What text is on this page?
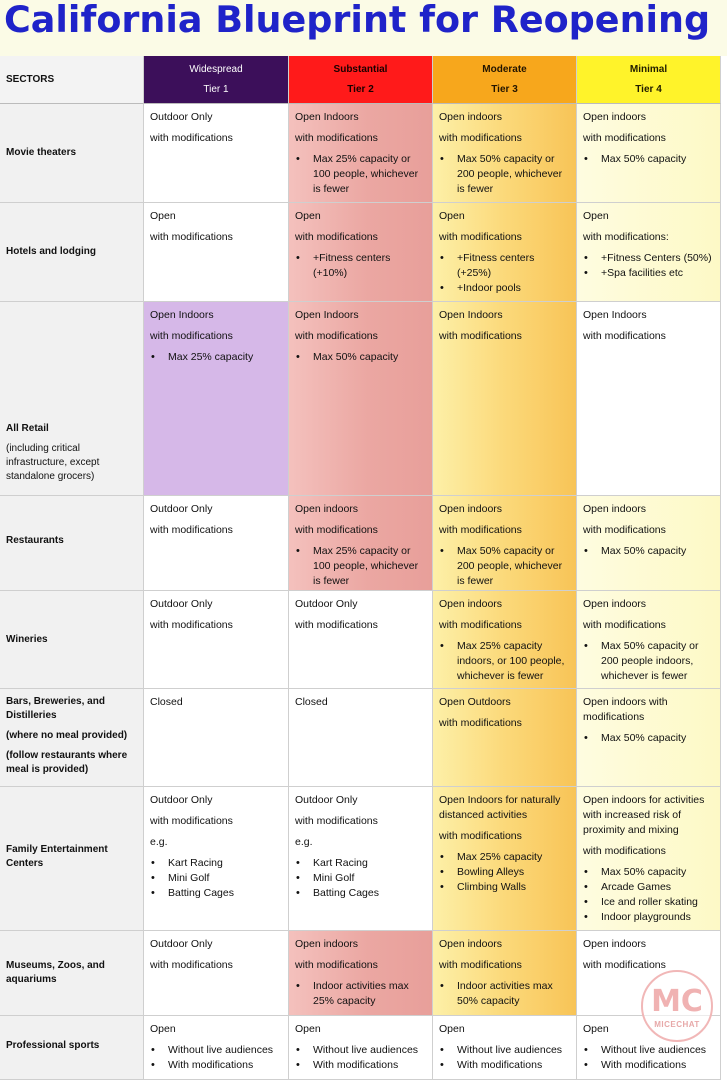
California Blueprint for Reopening
SECTORS
Widespread
Tier 1
Substantial
Tier 2
Moderate
Tier 3
Minimal
Tier 4
Movie theaters

Outdoor Only

with modifications

Open Indoors

with modifications

• Max 25% capacity or 100 people, whichever is fewer

Open indoors

with modifications

• Max 50% capacity or 200 people, whichever is fewer

Open indoors

with modifications

• Max 50% capacity
Hotels and lodging

Open

with modifications

Open

with modifications

• +Fitness centers (+10%)

Open

with modifications

• +Fitness centers (+25%)
• +Indoor pools

Open

with modifications:

• +Fitness Centers (50%)
• +Spa facilities etc
All Retail
(including critical infrastructure, except standalone grocers)

Open Indoors

with modifications

• Max 25% capacity

Open Indoors

with modifications

• Max 50% capacity

Open Indoors

with modifications

Open Indoors

with modifications

Restaurants

Outdoor Only

with modifications

Open indoors

with modifications

• Max 25% capacity or 100 people, whichever is fewer

Open indoors

with modifications

• Max 50% capacity or 200 people, whichever is fewer

Open indoors

with modifications

• Max 50% capacity
Wineries

Outdoor Only

with modifications

Outdoor Only

with modifications

Open indoors

with modifications

• Max 25% capacity indoors, or 100 people, whichever is fewer

Open indoors

with modifications

• Max 50% capacity or 200 people indoors, whichever is fewer
Bars, Breweries, and Distilleries
(where no meal provided)
(follow restaurants where meal is provided)

Closed	Closed	Open Outdoors

with modifications

Open indoors with modifications

• Max 50% capacity
Family Entertainment Centers

Outdoor Only

with modifications

e.g.

• Kart Racing
• Mini Golf
• Batting Cages

Outdoor Only

with modifications

e.g.

• Kart Racing
• Mini Golf
• Batting Cages

Open Indoors for naturally distanced activities

with modifications

• Max 25% capacity
• Bowling Alleys
• Climbing Walls

Open indoors for activities with increased risk of proximity and mixing

with modifications

• Max 50% capacity
• Arcade Games
• Ice and roller skating
• Indoor playgrounds
Museums, Zoos, and aquariums

Outdoor Only

with modifications

Open indoors

with modifications

• Indoor activities max 25% capacity

Open indoors

with modifications

• Indoor activities max 50% capacity

Open indoors

with modifications

Professional sports

Open

• Without live audiences
• With modifications

Open

• Without live audiences
• With modifications

Open

• Without live audiences
• With modifications

Open

• Without live audiences
• With modifications
MC
MICECHAT
